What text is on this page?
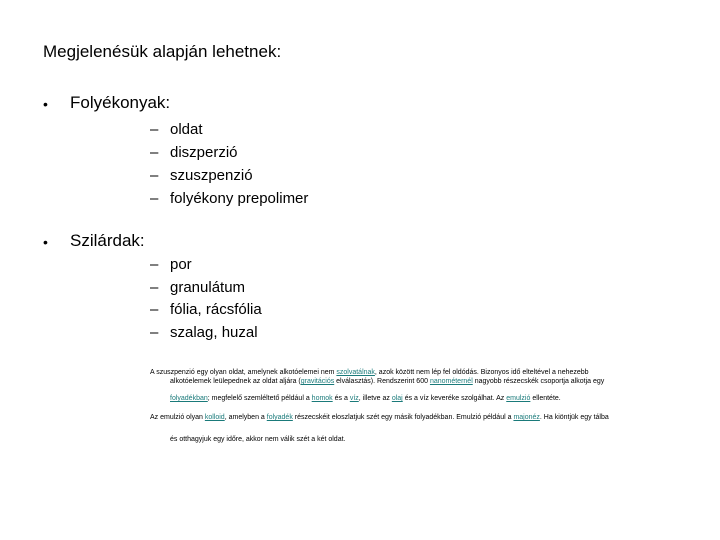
Megjelenésük alapján lehetnek:
• Folyékonyak:
– oldat
– diszperzió
– szuszpenzió
– folyékony prepolimer
• Szilárdak:
– por
– granulátum
– fólia, rácsfólia
– szalag, huzal
A szuszpenzió egy olyan oldat, amelynek alkotóelemei nem szolvatálnak, azok között nem lép fel oldódás. Bizonyos idő elteltével a nehezebb
alkotóelemek leülepednek az oldat aljára (gravitációs elválasztás). Rendszerint 600 nanométernél nagyobb részecskék csoportja alkotja egy
folyadékban; megfelelő szemléltető például a homok és a víz, illetve az olaj és a víz keveréke szolgálhat. Az emulzió ellentéte.
Az emulzió olyan kolloid, amelyben a folyadék részecskéit eloszlatjuk szét egy másik folyadékban. Emulzió például a majonéz. Ha kiöntjük egy tálba
és otthagyjuk egy időre, akkor nem válik szét a két oldat.
